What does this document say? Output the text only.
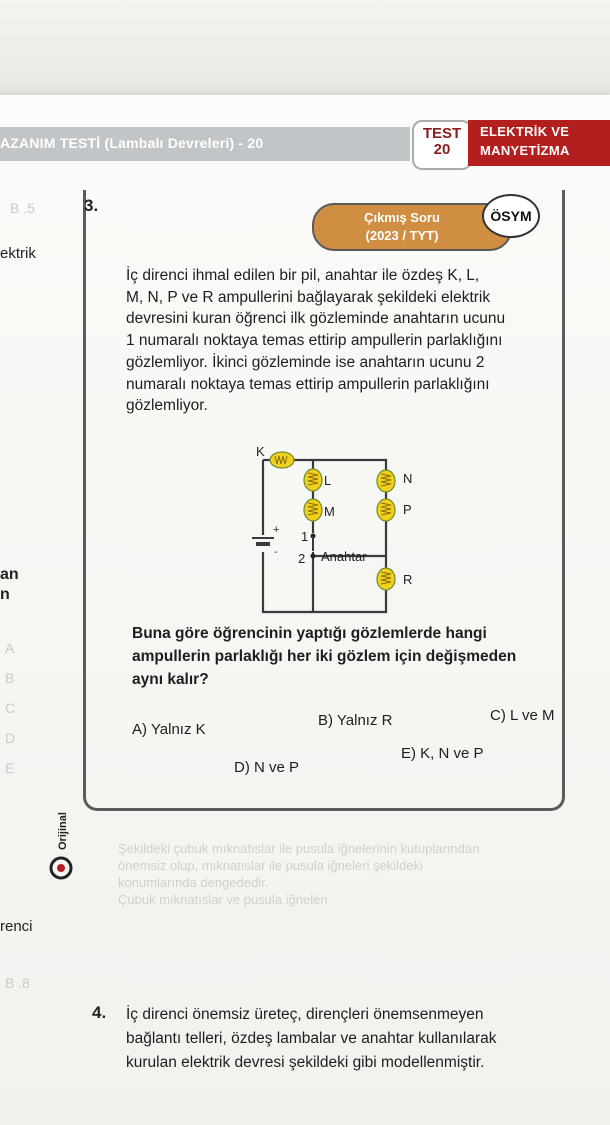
AZANIM TESTİ (Lambalı Devreleri) - 20
TEST
20
ELEKTRİK VE
MANYETİZMA
ektrik
an
n
renci
B .5
A
B
C
D
E
B .8
Orijinal
3.
Çıkmış Soru
(2023 / TYT)
ÖSYM

İç direnci ihmal edilen bir pil, anahtar ile özdeş K, L,

M, N, P ve R ampullerini bağlayarak şekildeki elektrik

devresini kuran öğrenci ilk gözleminde anahtarın ucunu

1 numaralı noktaya temas ettirip ampullerin parlaklığını

gözlemliyor. İkinci gözleminde ise anahtarın ucunu 2

numaralı noktaya temas ettirip ampullerin parlaklığını

gözlemliyor.

+
-
K
L
M
N
P
R
1
2 Anahtar
Buna göre öğrencinin yaptığı gözlemlerde hangi
ampullerin parlaklığı her iki gözlem için değişmeden
aynı kalır?
A) Yalnız K
B) Yalnız R	C) L ve M
D) N ve P
E) K, N ve P
Şekildeki çubuk mıknatıslar ile pusula iğnelerinin kutuplarından
önemsiz olup, mıknatıslar ile pusula iğneleri şekildeki
konumlarında dengededir.
Çubuk mıknatıslar ve pusula iğneleri
4. İç direnci önemsiz üreteç, dirençleri önemsenmeyen

bağlantı telleri, özdeş lambalar ve anahtar kullanılarak

kurulan elektrik devresi şekildeki gibi modellenmiştir.
